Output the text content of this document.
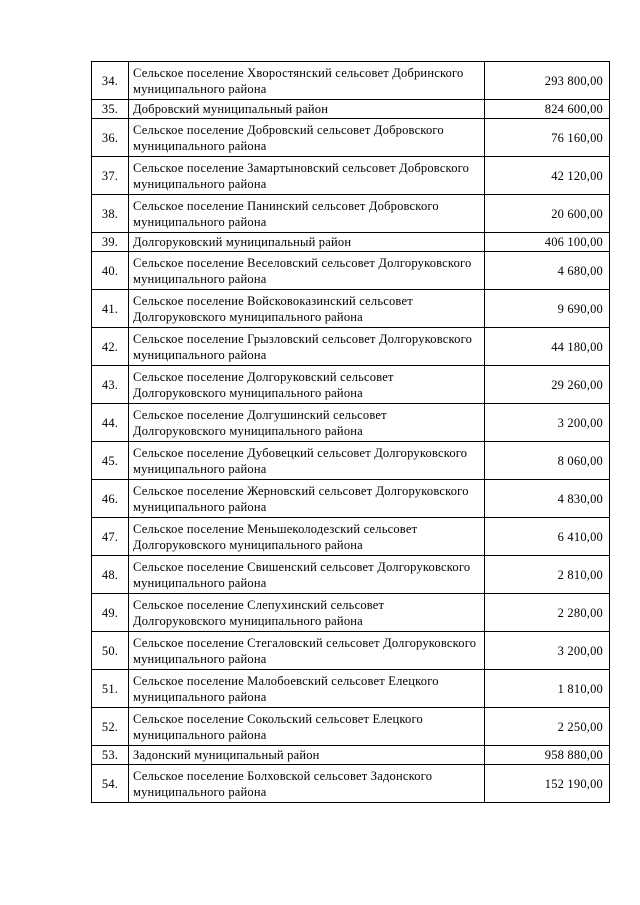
34.	Сельское поселение Хворостянский сельсовет Добринского муниципального района	293 800,00
35.	Добровский муниципальный район	824 600,00
36.	Сельское поселение Добровский сельсовет Добровского муниципального района	76 160,00
37.	Сельское поселение Замартыновский сельсовет Добровского муниципального района	42 120,00
38.	Сельское поселение Панинский сельсовет Добровского муниципального района	20 600,00
39.	Долгоруковский муниципальный район	406 100,00
40.	Сельское поселение Веселовский сельсовет Долгоруковского муниципального района	4 680,00
41.	Сельское поселение Войсковоказинский сельсовет Долгоруковского муниципального района	9 690,00
42.	Сельское поселение Грызловский сельсовет Долгоруковского муниципального района	44 180,00
43.	Сельское поселение Долгоруковский сельсовет Долгоруковского муниципального района	29 260,00
44.	Сельское поселение Долгушинский сельсовет Долгоруковского муниципального района	3 200,00
45.	Сельское поселение Дубовецкий сельсовет Долгоруковского муниципального района	8 060,00
46.	Сельское поселение Жерновский сельсовет Долгоруковского муниципального района	4 830,00
47.	Сельское поселение Меньшеколодезский сельсовет Долгоруковского муниципального района	6 410,00
48.	Сельское поселение Свишенский сельсовет Долгоруковского муниципального района	2 810,00
49.	Сельское поселение Слепухинский сельсовет Долгоруковского муниципального района	2 280,00
50.	Сельское поселение Стегаловский сельсовет Долгоруковского муниципального района	3 200,00
51.	Сельское поселение Малобоевский сельсовет Елецкого муниципального района	1 810,00
52.	Сельское поселение Сокольский сельсовет Елецкого муниципального района	2 250,00
53.	Задонский муниципальный район	958 880,00
54.	Сельское поселение Болховской сельсовет Задонского муниципального района	152 190,00
